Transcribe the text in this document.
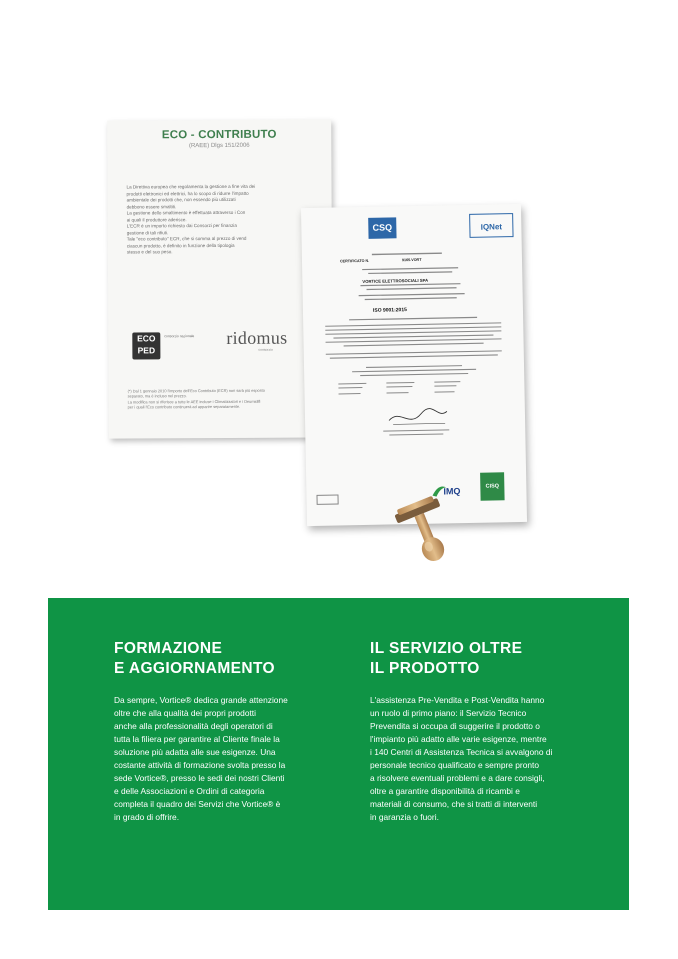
ECO - CONTRIBUTO
(RAEE) Dlgs 151/2006

La Direttiva europea che regolamenta la gestione a fine vita dei

prodotti elettronici ed elettrici, ha lo scopo di ridurre l'impatto

ambientale dei prodotti che, non essendo più utilizzati

debbono essere smaltiti.

La gestione dello smaltimento è effettuata attraverso i Con

ai quali il produttore aderisce.

L'ECR è un importo richiesto dai Consorzi per finanzia

gestione di tali rifiuti.

Tale "eco contributo" ECR, che si somma al prezzo di vend

ciascun prodotto, è definito in funzione della tipologia

stesso e del suo peso.

ECO
PED
consorzio nazionale ridomus
consorzio

(*) Dal 1 gennaio 2010 l'importo dell'Eco Contributo (ECR) non sarà più esposto

separato, ma è incluso nel prezzo.

La modifica non si riferisce a tutte le AEE incluse i Climatizzatori e i Deumidifi

per i quali l'Eco contributo continuerà ad apparire separatamente.

CSQ	IQNet
CERTIFICATO N.	9165.VORT
VORTICE ELETTROSOCIALI SPA
ISO 9001:2015
IMQ	CISQ
FORMAZIONE
E AGGIORNAMENTO
Da sempre, Vortice® dedica grande attenzione
oltre che alla qualità dei propri prodotti
anche alla professionalità degli operatori di
tutta la filiera per garantire al Cliente finale la
soluzione più adatta alle sue esigenze. Una
costante attività di formazione svolta presso la
sede Vortice®, presso le sedi dei nostri Clienti
e delle Associazioni e Ordini di categoria
completa il quadro dei Servizi che Vortice® è
in grado di offrire.
IL SERVIZIO OLTRE
IL PRODOTTO
L'assistenza Pre-Vendita e Post-Vendita hanno
un ruolo di primo piano: il Servizio Tecnico
Prevendita si occupa di suggerire il prodotto o
l'impianto più adatto alle varie esigenze, mentre
i 140 Centri di Assistenza Tecnica si avvalgono di
personale tecnico qualificato e sempre pronto
a risolvere eventuali problemi e a dare consigli,
oltre a garantire disponibilità di ricambi e
materiali di consumo, che si tratti di interventi
in garanzia o fuori.
